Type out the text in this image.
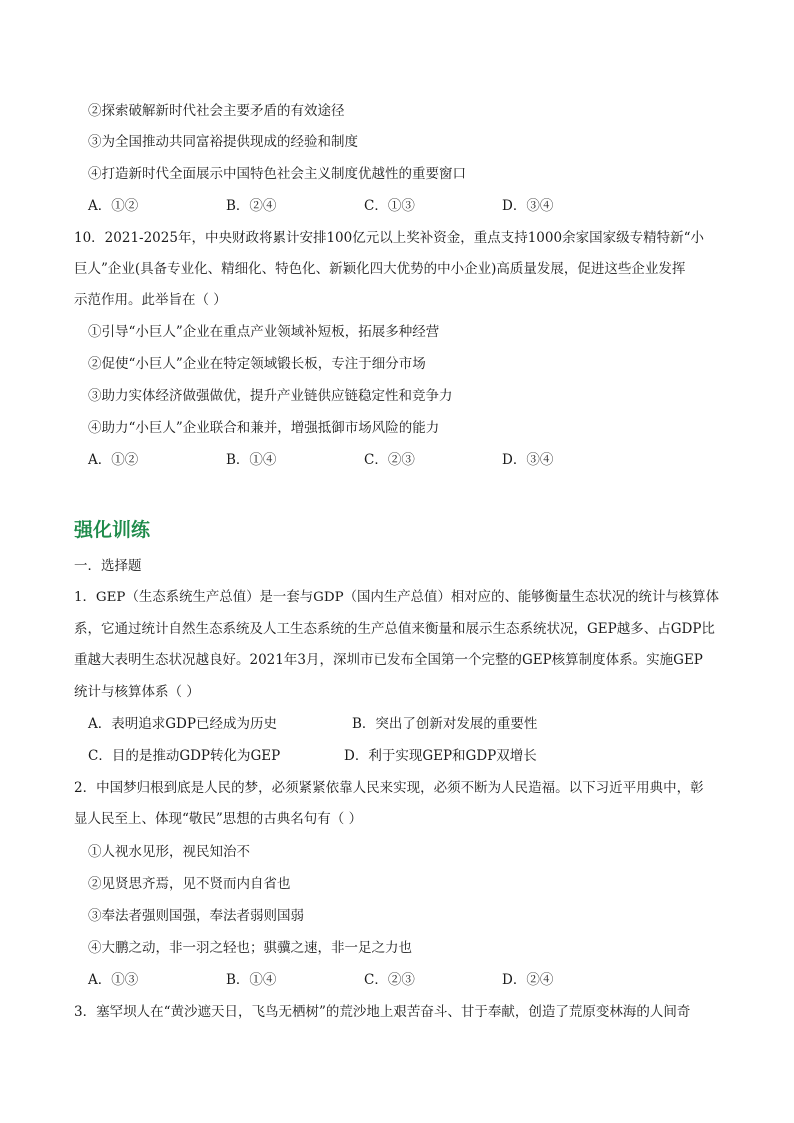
②探索破解新时代社会主要矛盾的有效途径
③为全国推动共同富裕提供现成的经验和制度
④打造新时代全面展示中国特色社会主义制度优越性的重要窗口
A．①②	B．②④	C．①③	D．③④
10．2021-2025年，中央财政将累计安排100亿元以上奖补资金，重点支持1000余家国家级专精特新“小
巨人”企业(具备专业化、精细化、特色化、新颖化四大优势的中小企业)高质量发展，促进这些企业发挥
示范作用。此举旨在（ ）
①引导“小巨人”企业在重点产业领域补短板，拓展多种经营
②促使“小巨人”企业在特定领域锻长板，专注于细分市场
③助力实体经济做强做优，提升产业链供应链稳定性和竞争力
④助力“小巨人”企业联合和兼并，增强抵御市场风险的能力
A．①②	B．①④	C．②③	D．③④
强化训练
一．选择题
1．GEP（生态系统生产总值）是一套与GDP（国内生产总值）相对应的、能够衡量生态状况的统计与核算体
系，它通过统计自然生态系统及人工生态系统的生产总值来衡量和展示生态系统状况，GEP越多、占GDP比
重越大表明生态状况越良好。2021年3月，深圳市已发布全国第一个完整的GEP核算制度体系。实施GEP
统计与核算体系（ ）
A．表明追求GDP已经成为历史	B．突出了创新对发展的重要性
C．目的是推动GDP转化为GEP	D．利于实现GEP和GDP双增长
2．中国梦归根到底是人民的梦，必须紧紧依靠人民来实现，必须不断为人民造福。以下习近平用典中，彰
显人民至上、体现“敬民”思想的古典名句有（ ）
①人视水见形，视民知治不
②见贤思齐焉，见不贤而内自省也
③奉法者强则国强，奉法者弱则国弱
④大鹏之动，非一羽之轻也；骐骥之速，非一足之力也
A．①③	B．①④	C．②③	D．②④
3．塞罕坝人在“黄沙遮天日，飞鸟无栖树”的荒沙地上艰苦奋斗、甘于奉献，创造了荒原变林海的人间奇
